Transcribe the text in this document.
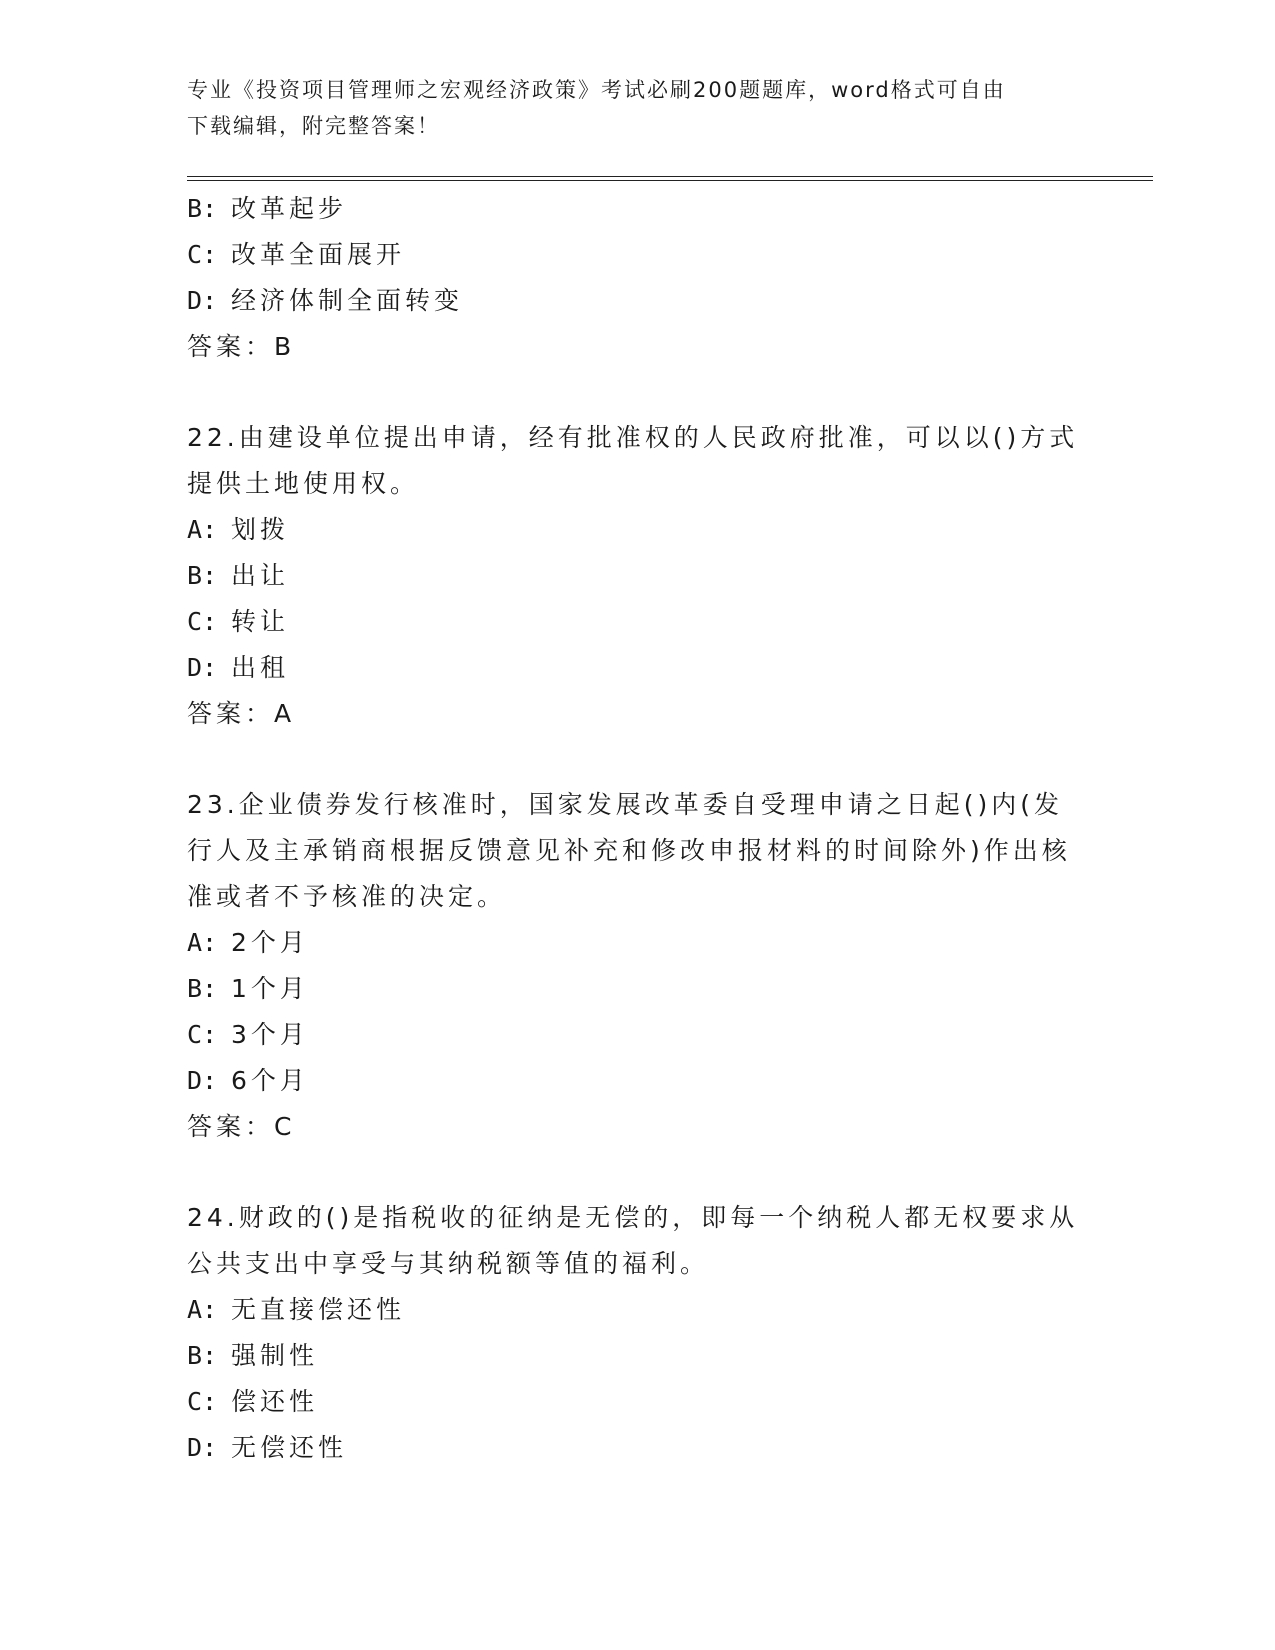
专业《投资项目管理师之宏观经济政策》考试必刷200题题库，word格式可自由
下载编辑，附完整答案！
B: 改革起步
C: 改革全面展开
D: 经济体制全面转变
答案：B
22.由建设单位提出申请，经有批准权的人民政府批准，可以以()方式
提供土地使用权。
A: 划拨
B: 出让
C: 转让
D: 出租
答案：A
23.企业债券发行核准时，国家发展改革委自受理申请之日起()内(发
行人及主承销商根据反馈意见补充和修改申报材料的时间除外)作出核
准或者不予核准的决定。
A: 2个月
B: 1个月
C: 3个月
D: 6个月
答案：C
24.财政的()是指税收的征纳是无偿的，即每一个纳税人都无权要求从
公共支出中享受与其纳税额等值的福利。
A: 无直接偿还性
B: 强制性
C: 偿还性
D: 无偿还性
